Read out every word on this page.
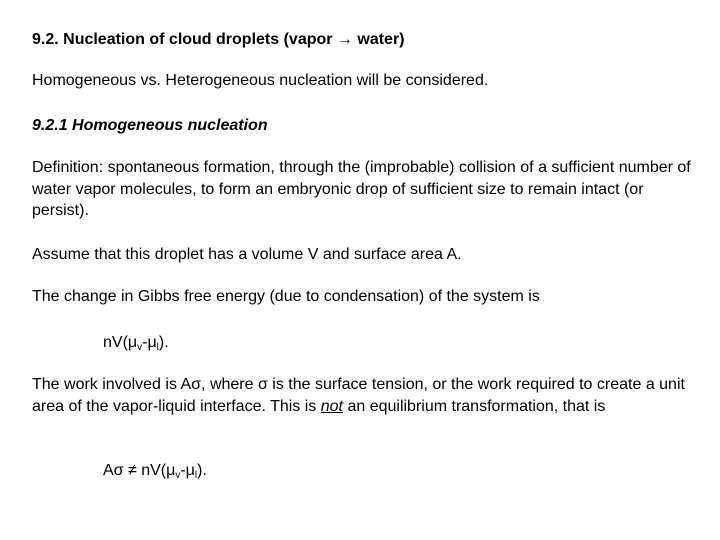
9.2. Nucleation of cloud droplets (vapor → water)

Homogeneous vs. Heterogeneous nucleation will be considered.

9.2.1 Homogeneous nucleation

Definition: spontaneous formation, through the (improbable) collision of a sufficient number of water vapor molecules, to form an embryonic drop of sufficient size to remain intact (or persist).

Assume that this droplet has a volume V and surface area A.

The change in Gibbs free energy (due to condensation) of the system is

$nV(\mu_v-\mu_l)$.

The work involved is Aσ, where σ is the surface tension, or the work required to create a unit area of the vapor-liquid interface. This is not an equilibrium transformation, that is

$A\sigma \ne nV(\mu_v-\mu_l)$.
